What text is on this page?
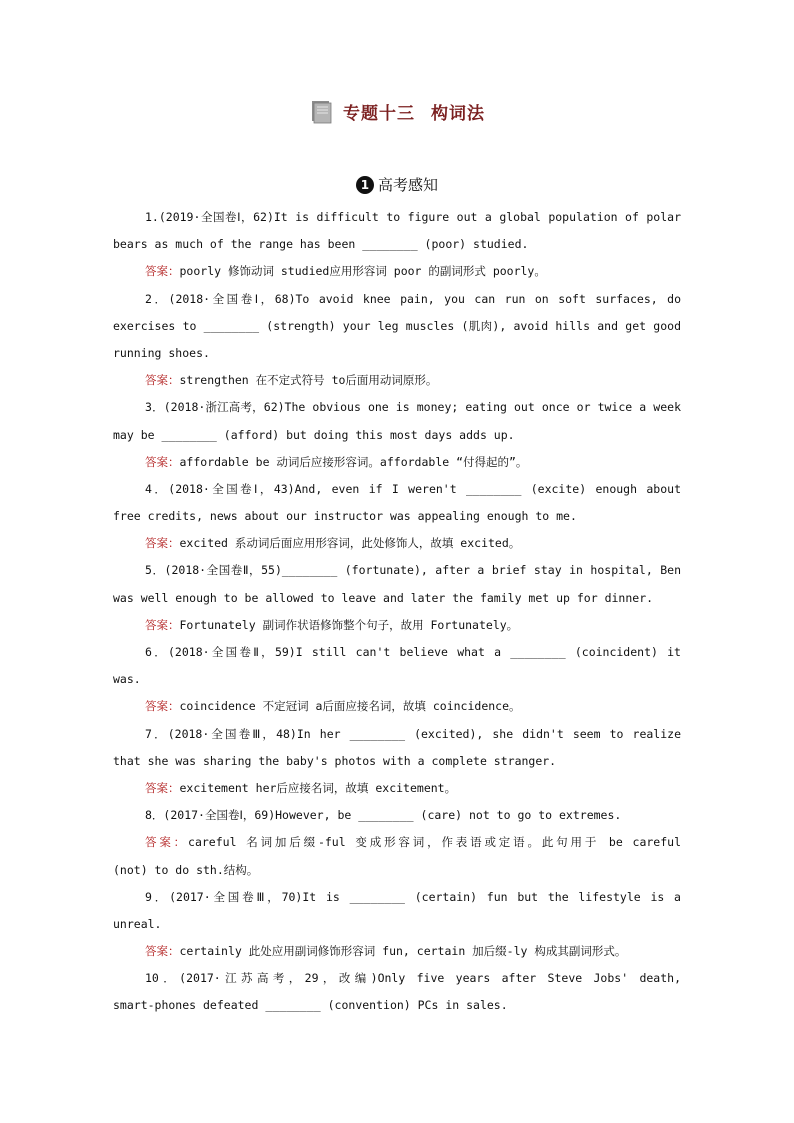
专题十三 构词法
1 高考感知
1.(2019·全国卷Ⅰ，62)It is difficult to figure out a global population of polar
bears as much of the range has been ________ (poor) studied.
答案：poorly 修饰动词 studied应用形容词 poor 的副词形式 poorly。
2．(2018·全国卷Ⅰ，68)To avoid knee pain, you can run on soft surfaces, do
exercises to ________ (strength) your leg muscles (肌肉), avoid hills and get good
running shoes.
答案：strengthen 在不定式符号 to后面用动词原形。
3．(2018·浙江高考，62)The obvious one is money; eating out once or twice a week
may be ________ (afford) but doing this most days adds up.
答案：affordable be 动词后应接形容词。affordable “付得起的”。
4．(2018·全国卷Ⅰ，43)And, even if I weren't ________ (excite) enough about
free credits, news about our instructor was appealing enough to me.
答案：excited 系动词后面应用形容词，此处修饰人，故填 excited。
5．(2018·全国卷Ⅱ，55)________ (fortunate), after a brief stay in hospital, Ben
was well enough to be allowed to leave and later the family met up for dinner.
答案：Fortunately 副词作状语修饰整个句子，故用 Fortunately。
6．(2018·全国卷Ⅱ，59)I still can't believe what a ________ (coincident) it
was.
答案：coincidence 不定冠词 a后面应接名词，故填 coincidence。
7．(2018·全国卷Ⅲ，48)In her ________ (excited), she didn't seem to realize
that she was sharing the baby's photos with a complete stranger.
答案：excitement her后应接名词，故填 excitement。
8．(2017·全国卷Ⅰ，69)However, be ________ (care) not to go to extremes.
答案：careful 名词加后缀-ful 变成形容词，作表语或定语。此句用于 be careful
(not) to do sth.结构。
9．(2017·全国卷Ⅲ，70)It is ________ (certain) fun but the lifestyle is a
unreal.
答案：certainly 此处应用副词修饰形容词 fun, certain 加后缀-ly 构成其副词形式。
10．(2017·江苏高考，29，改编)Only five years after Steve Jobs' death,
smart-phones defeated ________ (convention) PCs in sales.
